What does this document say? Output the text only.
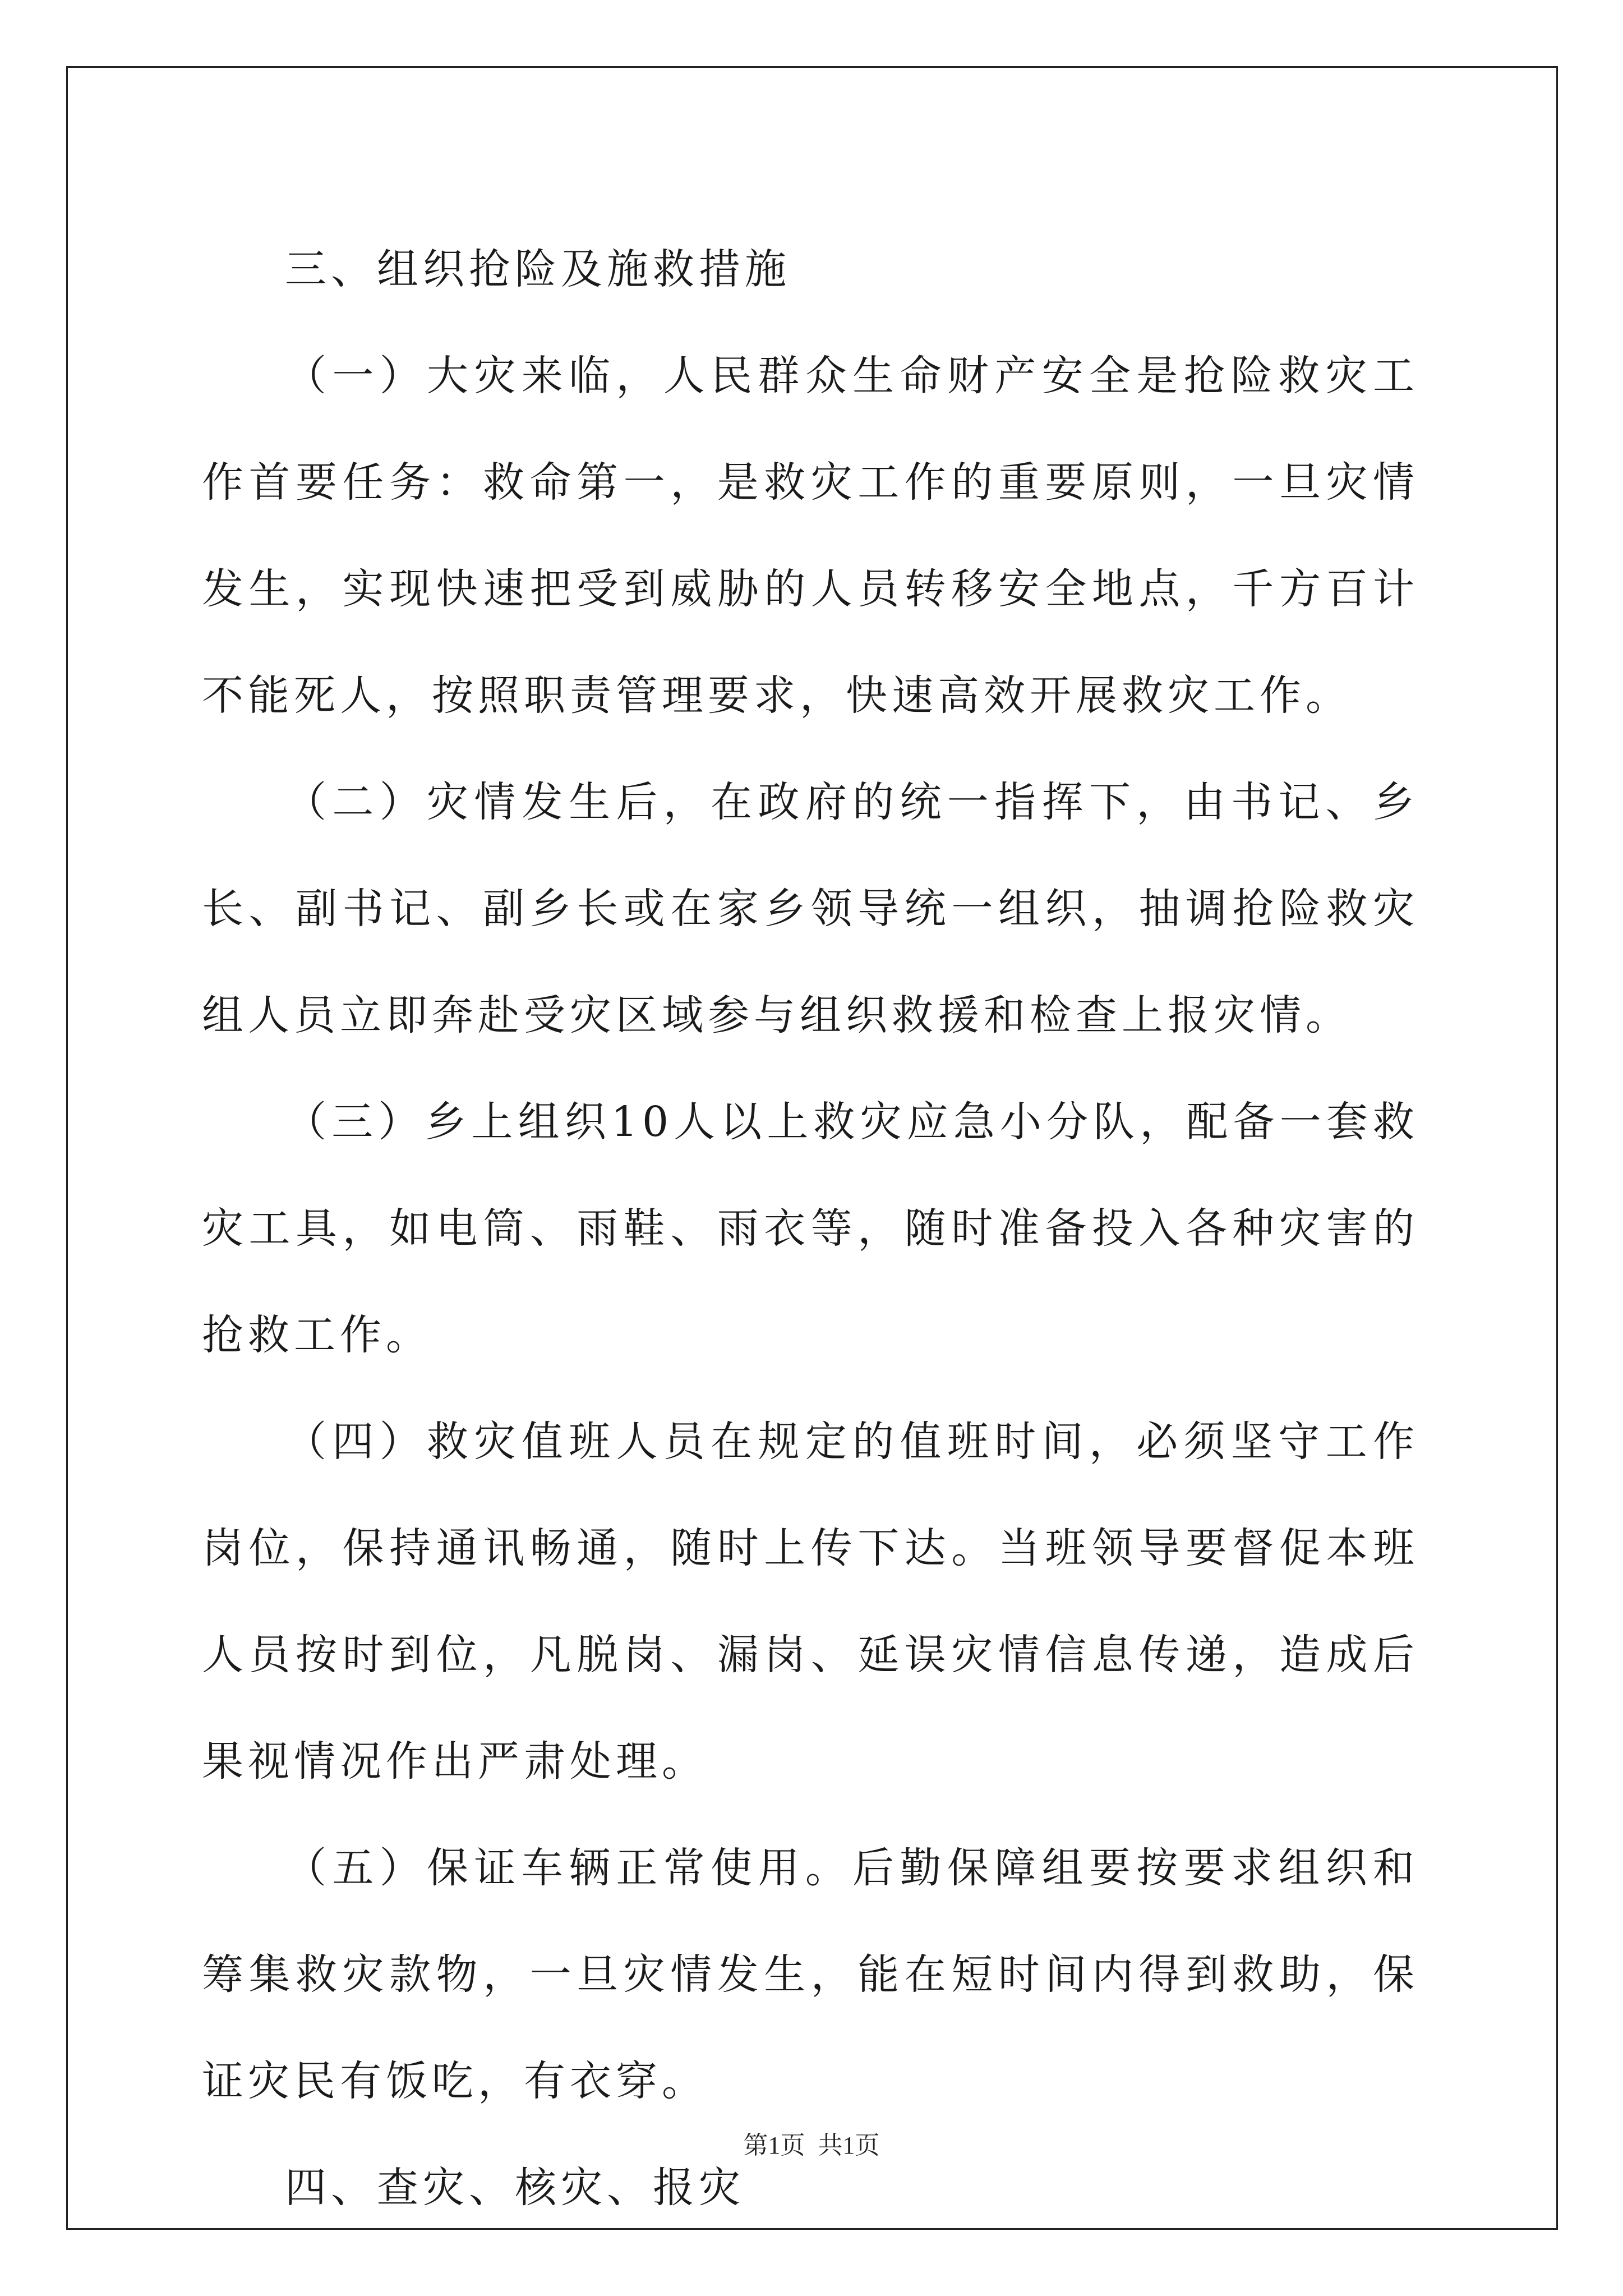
三、组织抢险及施救措施

（一）大灾来临，人民群众生命财产安全是抢险救灾工作首要任务：救命第一，是救灾工作的重要原则，一旦灾情发生，实现快速把受到威胁的人员转移安全地点，千方百计不能死人，按照职责管理要求，快速高效开展救灾工作。

（二）灾情发生后，在政府的统一指挥下，由书记、乡长、副书记、副乡长或在家乡领导统一组织，抽调抢险救灾组人员立即奔赴受灾区域参与组织救援和检查上报灾情。

（三）乡上组织10人以上救灾应急小分队，配备一套救灾工具，如电筒、雨鞋、雨衣等，随时准备投入各种灾害的抢救工作。

（四）救灾值班人员在规定的值班时间，必须坚守工作岗位，保持通讯畅通，随时上传下达。当班领导要督促本班人员按时到位，凡脱岗、漏岗、延误灾情信息传递，造成后果视情况作出严肃处理。

（五）保证车辆正常使用。后勤保障组要按要求组织和筹集救灾款物，一旦灾情发生，能在短时间内得到救助，保证灾民有饭吃，有衣穿。

四、查灾、核灾、报灾

第1页 共1页
